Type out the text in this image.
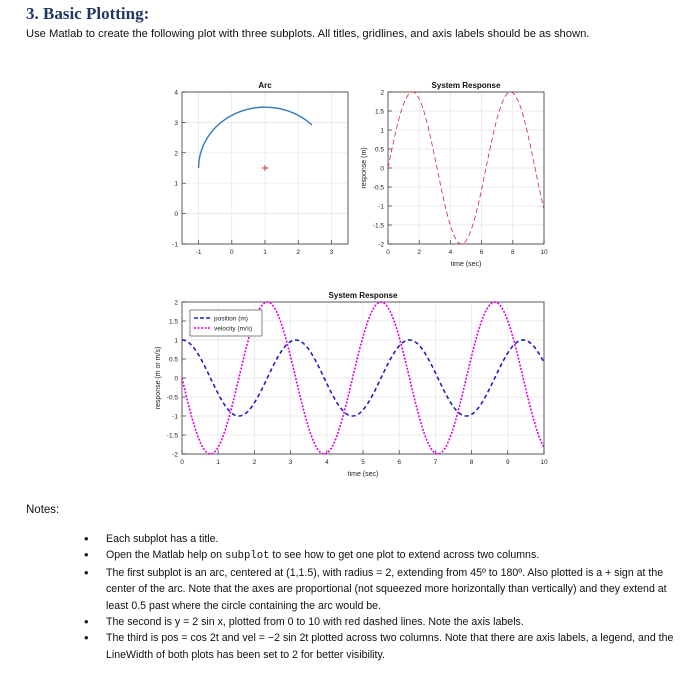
3. Basic Plotting:
Use Matlab to create the following plot with three subplots. All titles, gridlines, and axis labels should be as shown.
-1	0	1	2	3
-1
0
1
2
3
4
Arc
0	2	4	6	8	10
-2
-1.5
-1
-0.5
0
0.5
1
1.5
2
System Response
time (sec)
response (m)
0	1	2	3	4	5	6	7	8	9	10
-2
-1.5
-1
-0.5
0
0.5
1
1.5
2
System Response
time (sec)
response (m or m/s)
position (m)
velocity (m/s)
Notes:
• Each subplot has a title.
• Open the Matlab help on subplot to see how to get one plot to extend across two columns.
• The first subplot is an arc, centered at (1,1.5), with radius = 2, extending from 45º to 180º. Also plotted is a + sign at the center of the arc. Note that the axes are proportional (not squeezed more horizontally than vertically) and they extend at least 0.5 past where the circle containing the arc would be.
• The second is y = 2 sin x, plotted from 0 to 10 with red dashed lines. Note the axis labels.
• The third is pos = cos 2t and vel = −2 sin 2t plotted across two columns. Note that there are axis labels, a legend, and the LineWidth of both plots has been set to 2 for better visibility.
